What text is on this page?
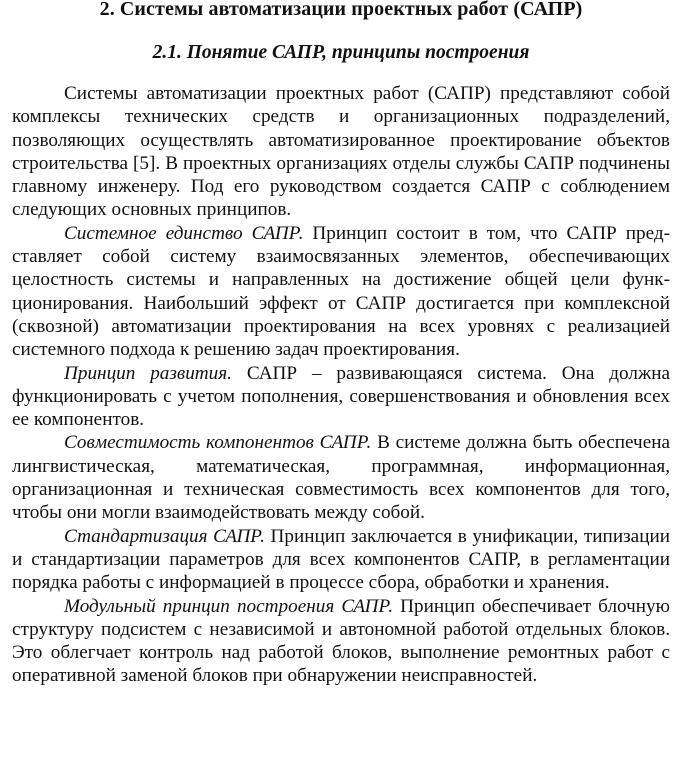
2. Системы автоматизации проектных работ (САПР)
2.1. Понятие САПР, принципы построения

Системы автоматизации проектных работ (САПР) представляют собой комплексы технических средств и организационных подразделений, позволяющих осуществлять автоматизированное проектирование объектов строительства [5]. В проектных организациях отделы службы САПР подчинены главному инженеру. Под его руководством создается САПР с соблюдением следующих основных принципов.

Системное единство САПР. Принцип состоит в том, что САПР представляет собой систему взаимосвязанных элементов, обеспечивающих целостность системы и направленных на достижение общей цели функционирования. Наибольший эффект от САПР достигается при комплексной (сквозной) автоматизации проектирования на всех уровнях с реализацией системного подхода к решению задач проектирования.

Принцип развития. САПР – развивающаяся система. Она должна функционировать с учетом пополнения, совершенствования и обновления всех ее компонентов.

Совместимость компонентов САПР. В системе должна быть обеспечена лингвистическая, математическая, программная, информационная, организационная и техническая совместимость всех компонентов для того, чтобы они могли взаимодействовать между собой.

Стандартизация САПР. Принцип заключается в унификации, типизации и стандартизации параметров для всех компонентов САПР, в регламентации порядка работы с информацией в процессе сбора, обработки и хранения.

Модульный принцип построения САПР. Принцип обеспечивает блочную структуру подсистем с независимой и автономной работой отдельных блоков. Это облегчает контроль над работой блоков, выполнение ремонтных работ с оперативной заменой блоков при обнаружении неисправностей.
